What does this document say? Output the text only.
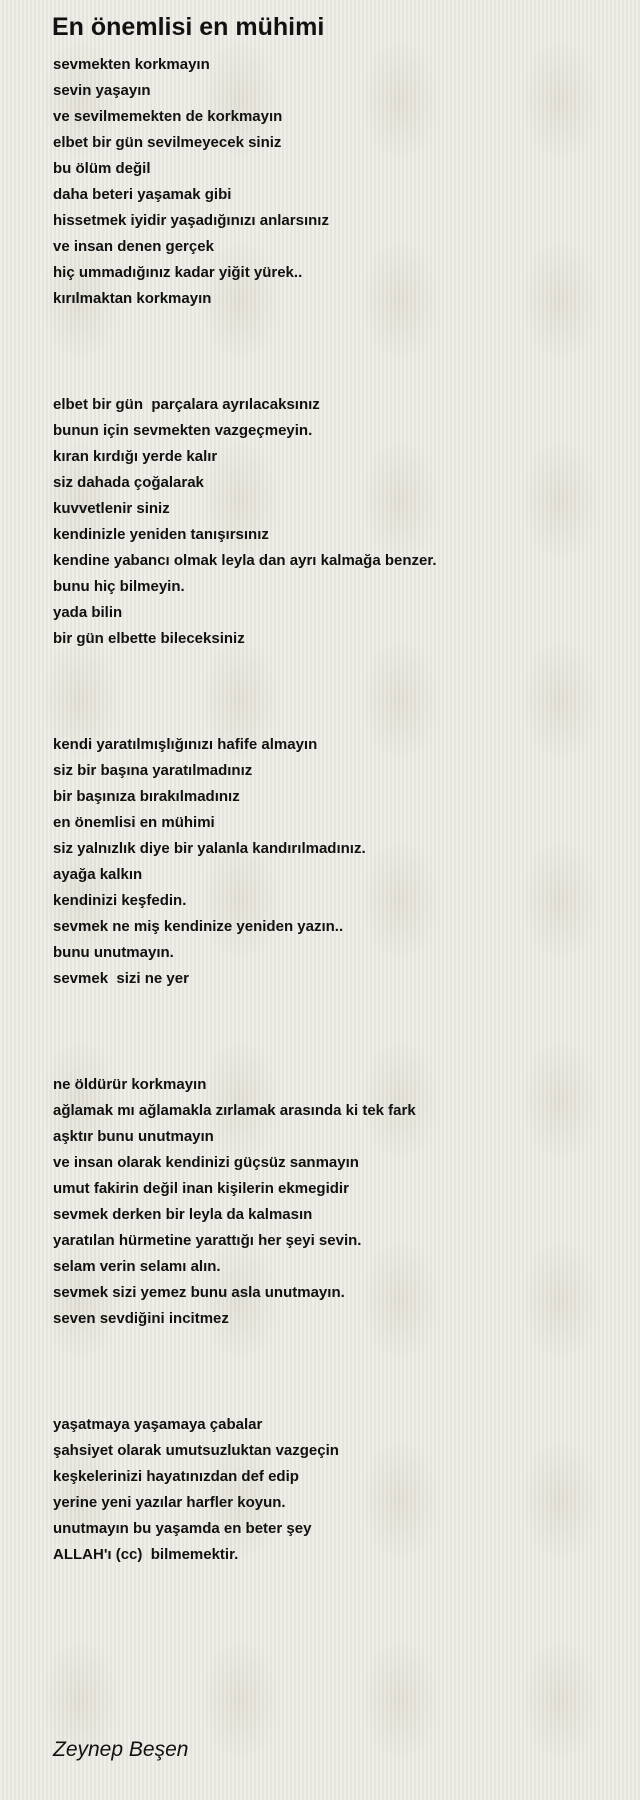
En önemlisi en mühimi
sevmekten korkmayın
sevin yaşayın
ve sevilmemekten de korkmayın
elbet bir gün sevilmeyecek siniz
bu ölüm değil
daha beteri yaşamak gibi
hissetmek iyidir yaşadığınızı anlarsınız
ve insan denen gerçek
hiç ummadığınız kadar yiğit yürek..
kırılmaktan korkmayın
elbet bir gün  parçalara ayrılacaksınız
bunun için sevmekten vazgeçmeyin.
kıran kırdığı yerde kalır
siz dahada çoğalarak
kuvvetlenir siniz
kendinizle yeniden tanışırsınız
kendine yabancı olmak leyla dan ayrı kalmağa benzer.
bunu hiç bilmeyin.
yada bilin
bir gün elbette bileceksiniz
kendi yaratılmışlığınızı hafife almayın
siz bir başına yaratılmadınız
bir başınıza bırakılmadınız
en önemlisi en mühimi
siz yalnızlık diye bir yalanla kandırılmadınız.
ayağa kalkın
kendinizi keşfedin.
sevmek ne miş kendinize yeniden yazın..
bunu unutmayın.
sevmek  sizi ne yer
ne öldürür korkmayın
ağlamak mı ağlamakla zırlamak arasında ki tek fark
aşktır bunu unutmayın
ve insan olarak kendinizi güçsüz sanmayın
umut fakirin değil inan kişilerin ekmegidir
sevmek derken bir leyla da kalmasın
yaratılan hürmetine yarattığı her şeyi sevin.
selam verin selamı alın.
sevmek sizi yemez bunu asla unutmayın.
seven sevdiğini incitmez
yaşatmaya yaşamaya çabalar
şahsiyet olarak umutsuzluktan vazgeçin
keşkelerinizi hayatınızdan def edip
yerine yeni yazılar harfler koyun.
unutmayın bu yaşamda en beter şey
ALLAH'ı (cc)  bilmemektir.
Zeynep Beşen
